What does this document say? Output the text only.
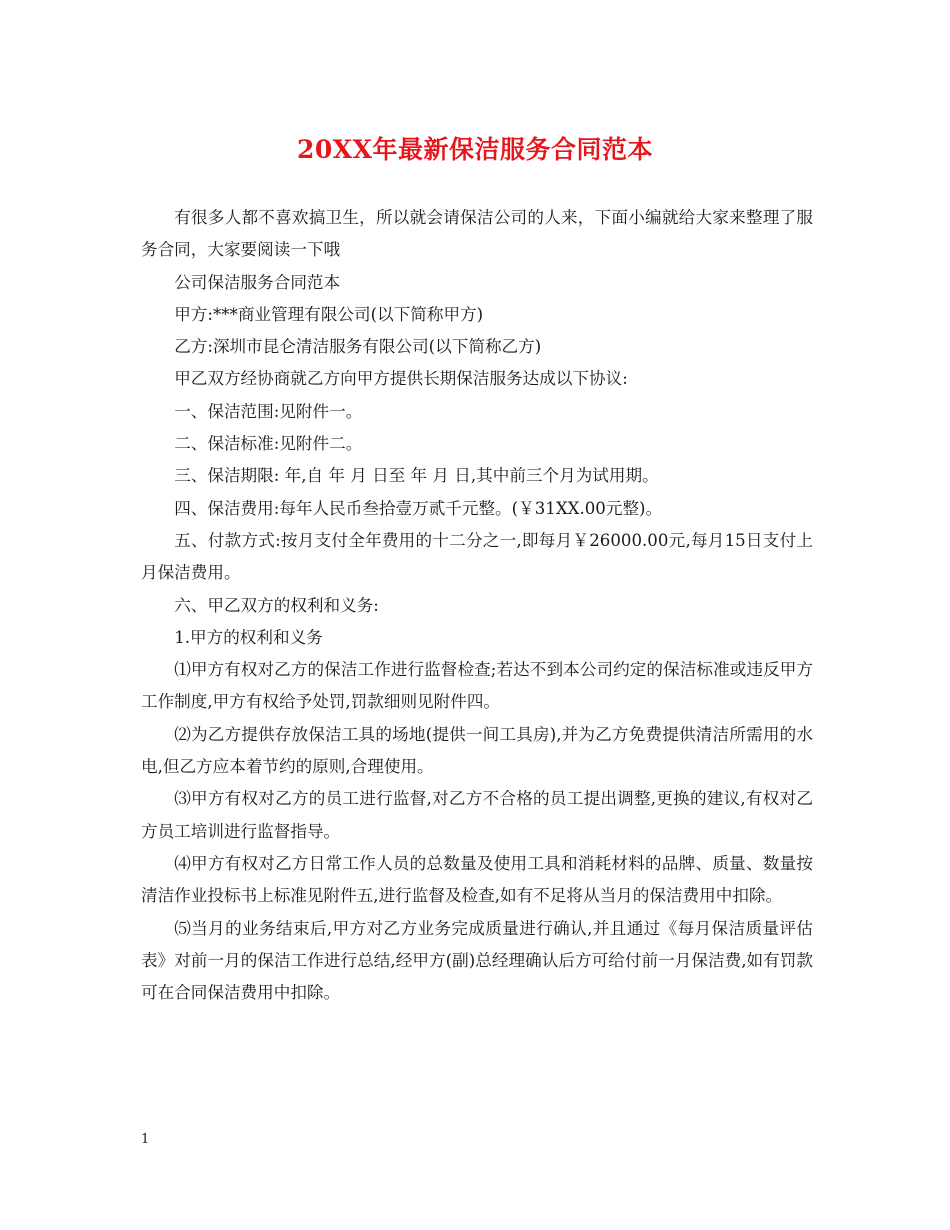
20XX年最新保洁服务合同范本

有很多人都不喜欢搞卫生，所以就会请保洁公司的人来，下面小编就给大家来整理了服务合同，大家要阅读一下哦

公司保洁服务合同范本

甲方:***商业管理有限公司(以下简称甲方)

乙方:深圳市昆仑清洁服务有限公司(以下简称乙方)

甲乙双方经协商就乙方向甲方提供长期保洁服务达成以下协议:

一、保洁范围:见附件一。

二、保洁标准:见附件二。

三、保洁期限: 年,自 年 月 日至 年 月 日,其中前三个月为试用期。

四、保洁费用:每年人民币叁拾壹万贰千元整。(￥31XX.00元整)。

五、付款方式:按月支付全年费用的十二分之一,即每月￥26000.00元,每月15日支付上月保洁费用。

六、甲乙双方的权利和义务:

1.甲方的权利和义务

⑴甲方有权对乙方的保洁工作进行监督检查;若达不到本公司约定的保洁标准或违反甲方工作制度,甲方有权给予处罚,罚款细则见附件四。

⑵为乙方提供存放保洁工具的场地(提供一间工具房),并为乙方免费提供清洁所需用的水电,但乙方应本着节约的原则,合理使用。

⑶甲方有权对乙方的员工进行监督,对乙方不合格的员工提出调整,更换的建议,有权对乙方员工培训进行监督指导。

⑷甲方有权对乙方日常工作人员的总数量及使用工具和消耗材料的品牌、质量、数量按清洁作业投标书上标准见附件五,进行监督及检查,如有不足将从当月的保洁费用中扣除。

⑸当月的业务结束后,甲方对乙方业务完成质量进行确认,并且通过《每月保洁质量评估表》对前一月的保洁工作进行总结,经甲方(副)总经理确认后方可给付前一月保洁费,如有罚款可在合同保洁费用中扣除。

1
